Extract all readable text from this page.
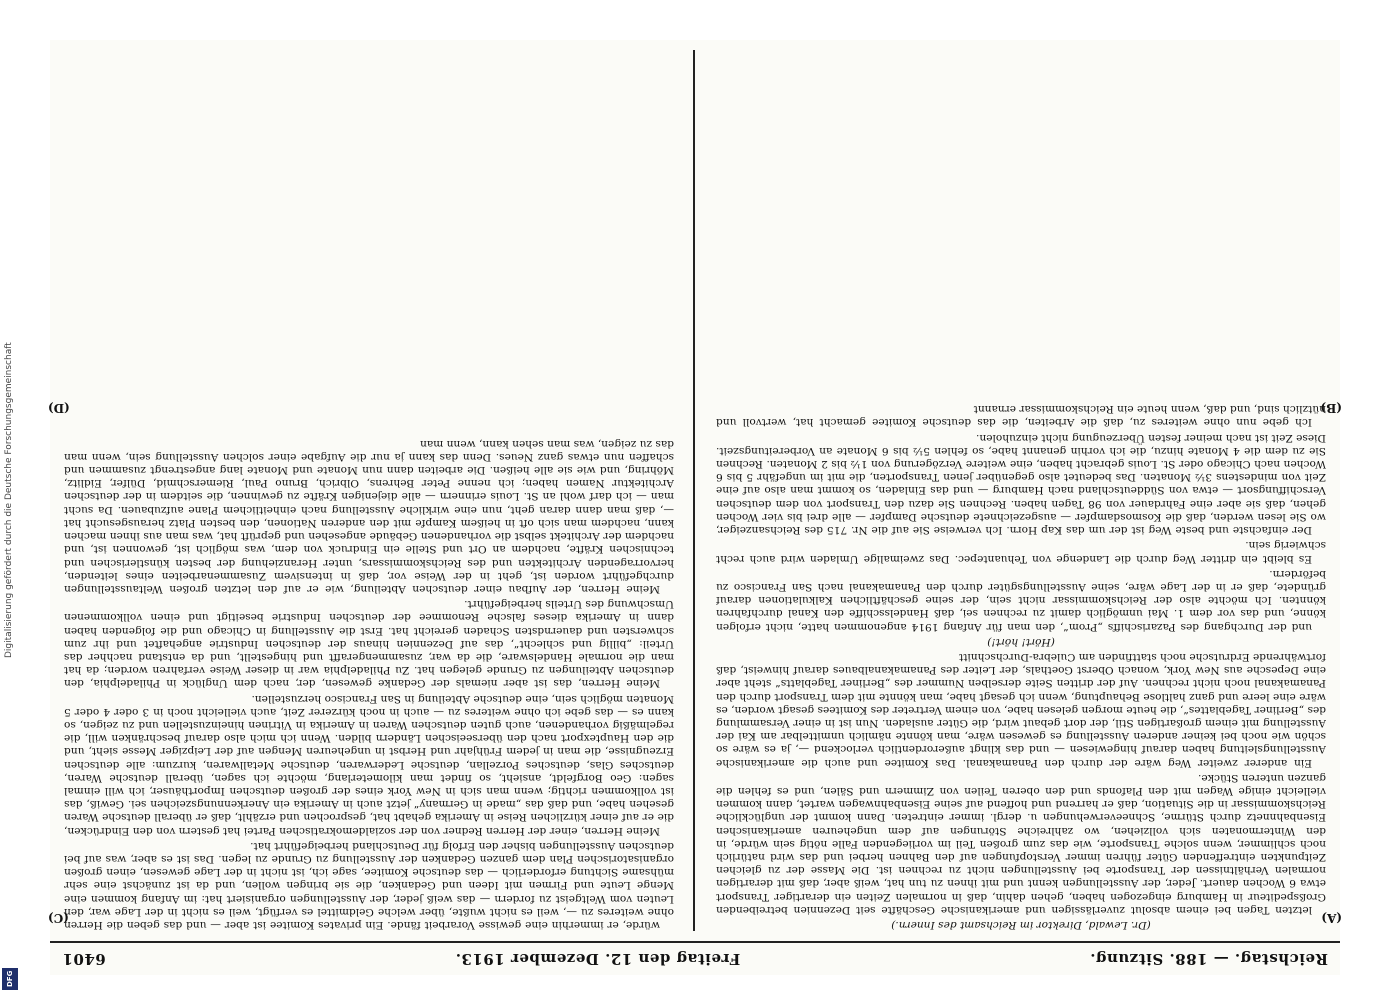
Reichstag. — 188. Sitzung.
Freitag den 12. Dezember 1913.
6401

(Dr. Lewald, Direktor im Reichsamt des Innern.)

letzten Tagen bei einem absolut zuverlässigen und amerikanische Geschäfte seit Dezennien betreibenden Großspediteur in Hamburg eingezogen haben, gehen dahin, daß in normalen Zeiten ein derartiger Transport etwa 6 Wochen dauert. Jeder, der Ausstellungen kennt und mit ihnen zu tun hat, weiß aber, daß mit derartigen normalen Verhältnissen der Transporte bei Ausstellungen nicht zu rechnen ist. Die Masse der zu gleichen Zeitpunkten eintreffenden Güter führen immer Verstopfungen auf den Bahnen herbei und das wird natürlich noch schlimmer, wenn solche Transporte, wie das zum großen Teil im vorliegenden Falle nötig sein würde, in den Wintermonaten sich vollziehen, wo zahlreiche Störungen auf dem ungeheuren amerikanischen Eisenbahnnetz durch Stürme, Schneeverwehungen u. dergl. immer eintreten. Dann kommt der unglückliche Reichskommissar in die Situation, daß er harrend und hoffend auf seine Eisenbahnwagen wartet, dann kommen vielleicht einige Wagen mit den Plafonds und den oberen Teilen von Zimmern und Sälen, und es fehlen die ganzen unteren Stücke.

Ein anderer zweiter Weg wäre der durch den Panamakanal. Das Komitee und auch die amerikanische Ausstellungsleitung haben darauf hingewiesen — und das klingt außerordentlich verlockend —, ja es wäre so schön wie noch bei keiner anderen Ausstellung es gewesen wäre, man könnte nämlich unmittelbar am Kai der Ausstellung mit einem großartigen Stil, der dort gebaut wird, die Güter ausladen. Nun ist in einer Versammlung des „Berliner Tageblattes“, die heute morgen gelesen habe, von einem Vertreter des Komitees gesagt worden, es wäre eine leere und ganz haltlose Behauptung, wenn ich gesagt habe, man könnte mit dem Transport durch den Panamakanal noch nicht rechnen. Auf der dritten Seite derselben Nummer des „Berliner Tageblatts“ steht aber eine Depesche aus New York, wonach Oberst Goethals, der Leiter des Panamakanalbaues darauf hinweist, daß fortwährende Erdrutsche noch stattfinden am Culebra-Durchschnitt

(Hört! hört!)

und der Durchgang des Pazarischiffs „Prom“, den man für Anfang 1914 angenommen hatte, nicht erfolgen könne, und das vor dem 1. Mai unmöglich damit zu rechnen sei, daß Handelsschiffe den Kanal durchfahren könnten. Ich möchte also der Reichskommissar nicht sein, der seine geschäftlichen Kalkulationen darauf gründete, daß er in der Lage wäre, seine Ausstellungsgüter durch den Panamakanal nach San Francisco zu befördern.

Es bleibt ein dritter Weg durch die Landenge von Tehuantepec. Das zweimalige Umladen wird auch recht schwierig sein.

Der einfachste und beste Weg ist der um das Kap Horn. Ich verweise Sie auf die Nr. 715 des Reichsanzeiger, wo Sie lesen werden, daß die Kosmosdampfer — ausgezeichnete deutsche Dampfer — alle drei bis vier Wochen gehen, daß sie aber eine Fahrdauer von 98 Tagen haben. Rechnen Sie dazu den Transport von dem deutschen Verschiffungsort — etwa von Süddeutschland nach Hamburg — und das Einladen, so kommt man also auf eine Zeit von mindestens 3½ Monaten. Das bedeutet also gegenüber jenen Transporten, die mit im ungefähr 5 bis 6 Wochen nach Chicago oder St. Louis gebracht haben, eine weitere Verzögerung von 1½ bis 2 Monaten. Rechnen Sie zu dem die 4 Monate hinzu, die ich vorhin genannt habe, so fehlen 5½ bis 6 Monate an Vorbereitungszeit. Diese Zeit ist nach meiner festen Überzeugung nicht einzuholen.

Ich gebe nun ohne weiteres zu, daß die Arbeiten, die das deutsche Komitee gemacht hat, wertvoll und nützlich sind, und daß, wenn heute ein Reichskommissar ernannt

würde, er immerhin eine gewisse Vorarbeit fände. Ein privates Komitee ist aber — und das geben die Herren ohne weiteres zu —, weil es nicht wußte, über welche Geldmittel es verfügt, weil es nicht in der Lage war, den Leuten vom Weltgeist zu fordern — das weiß jeder, der Ausstellungen organisiert hat: im Anfang kommen eine Menge Leute und Firmen mit Ideen und Gedanken, die sie bringen wollen, und da ist zunächst eine sehr mühsame Sichtung erforderlich — das deutsche Komitee, sage ich, ist nicht in der Lage gewesen, einen großen organisatorischen Plan dem ganzen Gedanken der Ausstellung zu Grunde zu legen. Das ist es aber, was auf bei deutschen Ausstellungen bisher den Erfolg für Deutschland herbeigeführt hat.

Meine Herren, einer der Herren Redner von der sozialdemokratischen Partei hat gestern von den Eindrücken, die er auf einer kürzlichen Reise in Amerika gehabt hat, gesprochen und erzählt, daß er überall deutsche Waren gesehen habe, und daß das „made in Germany“ jetzt auch in Amerika ein Anerkennungszeichen sei. Gewiß, das ist vollkommen richtig; wenn man sich in New York eines der großen deutschen Importhäuser, ich will einmal sagen: Geo Borgfeldt, ansieht, so findet man kilometerlang, möchte ich sagen, überall deutsche Waren, deutsches Glas, deutsches Porzellan, deutsche Lederwaren, deutsche Metallwaren, kurzum: alle deutschen Erzeugnisse, die man in jedem Frühjahr und Herbst in ungeheuren Mengen auf der Leipziger Messe sieht, und die den Hauptexport nach den überseeischen Ländern bilden. Wenn ich mich also darauf beschränken will, die regelmäßig vorhandenen, auch guten deutschen Waren in Amerika in Vitrinen hineinzustellen und zu zeigen, so kann es — das gebe ich ohne weiteres zu — auch in noch kürzerer Zeit, auch vielleicht noch in 3 oder 4 oder 5 Monaten möglich sein, eine deutsche Abteilung in San Francisco herzustellen.

Meine Herren, das ist aber niemals der Gedanke gewesen, der, nach dem Unglück in Philadelphia, den deutschen Abteilungen zu Grunde gelegen hat. Zu Philadelphia war in dieser Weise verfahren worden; da hat man die normale Handelsware, die da war, zusammengerafft und hingestellt, und da entstand nachher das Urteil: „billig und schlecht“, das auf Dezennien hinaus der deutschen Industrie angehaftet und ihr zum schwersten und dauerndsten Schaden gereicht hat. Erst die Ausstellung in Chicago und die folgenden haben dann in Amerika dieses falsche Renommee der deutschen Industrie beseitigt und einen vollkommenen Umschwung des Urteils herbeigeführt.

Meine Herren, der Aufbau einer deutschen Abteilung, wie er auf den letzten großen Weltausstellungen durchgeführt worden ist, geht in der Weise vor, daß in intensivem Zusammenarbeiten eines leitenden, hervorragenden Architekten und des Reichskommissars, unter Heranziehung der besten künstlerischen und technischen Kräfte, nachdem an Ort und Stelle ein Eindruck von dem, was möglich ist, gewonnen ist, und nachdem der Architekt selbst die vorhandenen Gebäude angesehen und geprüft hat, was man aus ihnen machen kann, nachdem man sich oft in heißem Kampfe mit den anderen Nationen, den besten Platz herausgesucht hat —, daß man dann daran geht, nun eine wirkliche Ausstellung nach einheitlichem Plane aufzubauen. Da sucht man — ich darf wohl an St. Louis erinnern — alle diejenigen Kräfte zu gewinnen, die seitdem in der deutschen Architektur Namen haben; ich nenne Peter Behrens, Olbrich, Bruno Paul, Riemerschmid, Dülfer, Eidlitz, Möhring, und wie sie alle heißen. Die arbeiten dann nun Monate und Monate lang angestrengt zusammen und schaffen nun etwas ganz Neues. Denn das kann ja nur die Aufgabe einer solchen Ausstellung sein, wenn man das zu zeigen, was man sehen kann, wenn man

(A)
(B)
(C)
(D)
Digitalisierung gefördert durch die Deutsche Forschungsgemeinschaft
DFG
